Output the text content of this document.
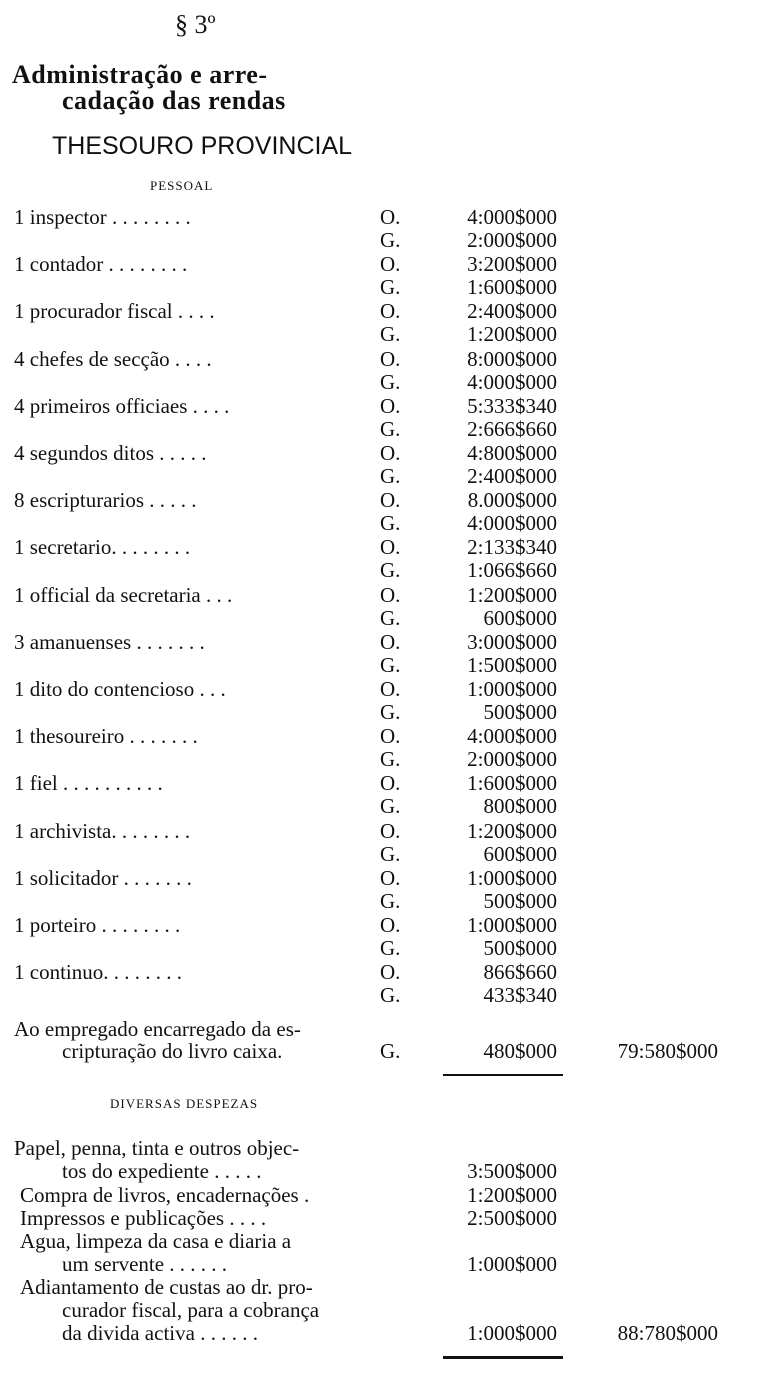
§ 3º
Administração e arre-
cadação das rendas
THESOURO PROVINCIAL
PESSOAL
1 inspector . . . . . . . .	O.	4:000$000
G.	2:000$000
1 contador . . . . . . . .	O.	3:200$000
G.	1:600$000
1 procurador fiscal . . . .	O.	2:400$000
G.	1:200$000
4 chefes de secção . . . .	O.	8:000$000
G.	4:000$000
4 primeiros officiaes . . . .	O.	5:333$340
G.	2:666$660
4 segundos ditos . . . . .	O.	4:800$000
G.	2:400$000
8 escripturarios . . . . .	O.	8.000$000
G.	4:000$000
1 secretario. . . . . . . .	O.	2:133$340
G.	1:066$660
1 official da secretaria . . .	O.	1:200$000
G.	600$000
3 amanuenses . . . . . . .	O.	3:000$000
G.	1:500$000
1 dito do contencioso . . .	O.	1:000$000
G.	500$000
1 thesoureiro . . . . . . .	O.	4:000$000
G.	2:000$000
1 fiel . . . . . . . . . .	O.	1:600$000
G.	800$000
1 archivista. . . . . . . .	O.	1:200$000
G.	600$000
1 solicitador . . . . . . .	O.	1:000$000
G.	500$000
1 porteiro . . . . . . . .	O.	1:000$000
G.	500$000
1 continuo. . . . . . . .	O.	866$660
G.	433$340
Ao empregado encarregado da es-
cripturação do livro caixa.	G.	480$000	79:580$000
DIVERSAS DESPEZAS
Papel, penna, tinta e outros objec-
tos do expediente . . . . .	3:500$000
Compra de livros, encadernações .	1:200$000
Impressos e publicações . . . .	2:500$000
Agua, limpeza da casa e diaria a
um servente . . . . . .	1:000$000
Adiantamento de custas ao dr. pro-
curador fiscal, para a cobrança
da divida activa . . . . . .	1:000$000	88:780$000
